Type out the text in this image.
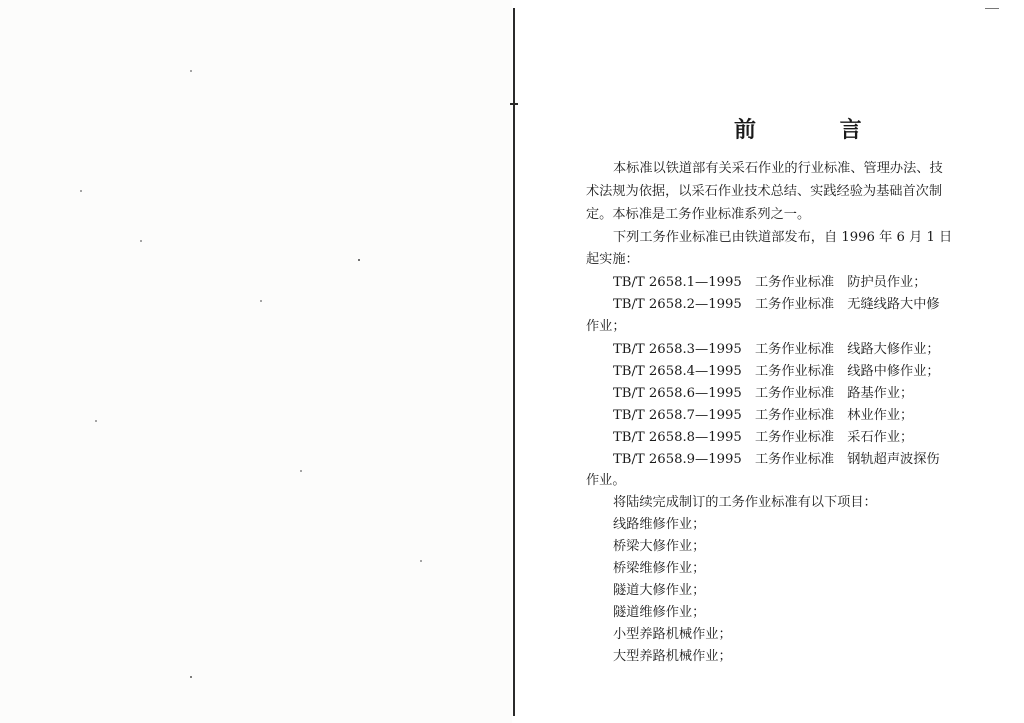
前 言
本标准以铁道部有关采石作业的行业标准、管理办法、技
术法规为依据，以采石作业技术总结、实践经验为基础首次制
定。本标准是工务作业标准系列之一。
下列工务作业标准已由铁道部发布，自 1996 年 6 月 1 日
起实施：
TB/T 2658.1—1995　工务作业标准　防护员作业；
TB/T 2658.2—1995　工务作业标准　无缝线路大中修
作业；
TB/T 2658.3—1995　工务作业标准　线路大修作业；
TB/T 2658.4—1995　工务作业标准　线路中修作业；
TB/T 2658.6—1995　工务作业标准　路基作业；
TB/T 2658.7—1995　工务作业标准　林业作业；
TB/T 2658.8—1995　工务作业标准　采石作业；
TB/T 2658.9—1995　工务作业标准　钢轨超声波探伤
作业。
将陆续完成制订的工务作业标准有以下项目：
线路维修作业；
桥梁大修作业；
桥梁维修作业；
隧道大修作业；
隧道维修作业；
小型养路机械作业；
大型养路机械作业；
